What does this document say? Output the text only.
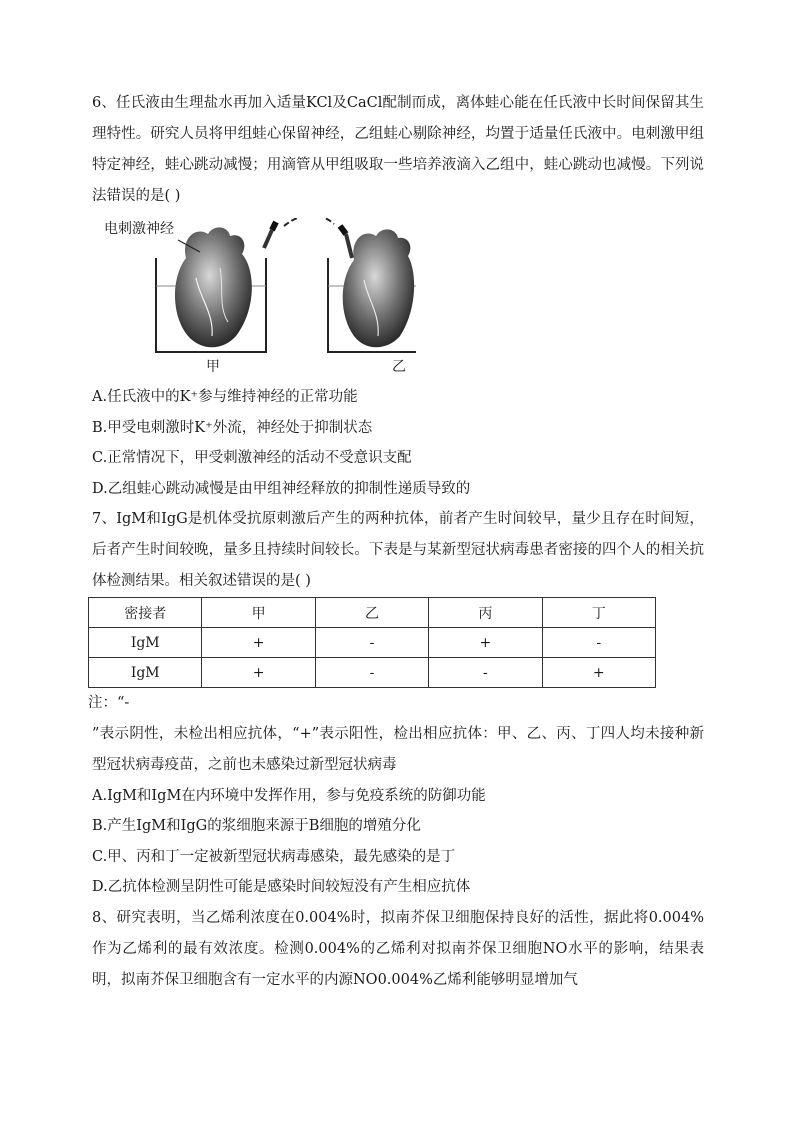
6、任氏液由生理盐水再加入适量KCl及CaCl配制而成，离体蛙心能在任氏液中长时间保留其生理特性。研究人员将甲组蛙心保留神经，乙组蛙心剔除神经，均置于适量任氏液中。电刺激甲组特定神经，蛙心跳动减慢；用滴管从甲组吸取一些培养液滴入乙组中，蛙心跳动也减慢。下列说法错误的是( )

电刺激神经
甲	乙

A.任氏液中的K⁺参与维持神经的正常功能

B.甲受电刺激时K⁺外流，神经处于抑制状态

C.正常情况下，甲受刺激神经的活动不受意识支配

D.乙组蛙心跳动减慢是由甲组神经释放的抑制性递质导致的

7、IgM和IgG是机体受抗原刺激后产生的两种抗体，前者产生时间较早，量少且存在时间短，后者产生时间较晚，量多且持续时间较长。下表是与某新型冠状病毒患者密接的四个人的相关抗体检测结果。相关叙述错误的是( )

密接者	甲	乙	丙	丁
IgM	+	-	+	-
IgM	+	-	-	+

注：“-

”表示阴性，未检出相应抗体，“+”表示阳性，检出相应抗体：甲、乙、丙、丁四人均未接种新型冠状病毒疫苗，之前也未感染过新型冠状病毒

A.IgM和IgM在内环境中发挥作用，参与免疫系统的防御功能

B.产生IgM和IgG的浆细胞来源于B细胞的增殖分化

C.甲、丙和丁一定被新型冠状病毒感染，最先感染的是丁

D.乙抗体检测呈阴性可能是感染时间较短没有产生相应抗体

8、研究表明，当乙烯利浓度在0.004%时，拟南芥保卫细胞保持良好的活性，据此将0.004%作为乙烯利的最有效浓度。检测0.004%的乙烯利对拟南芥保卫细胞NO水平的影响，结果表明，拟南芥保卫细胞含有一定水平的内源NO0.004%乙烯利能够明显增加气
